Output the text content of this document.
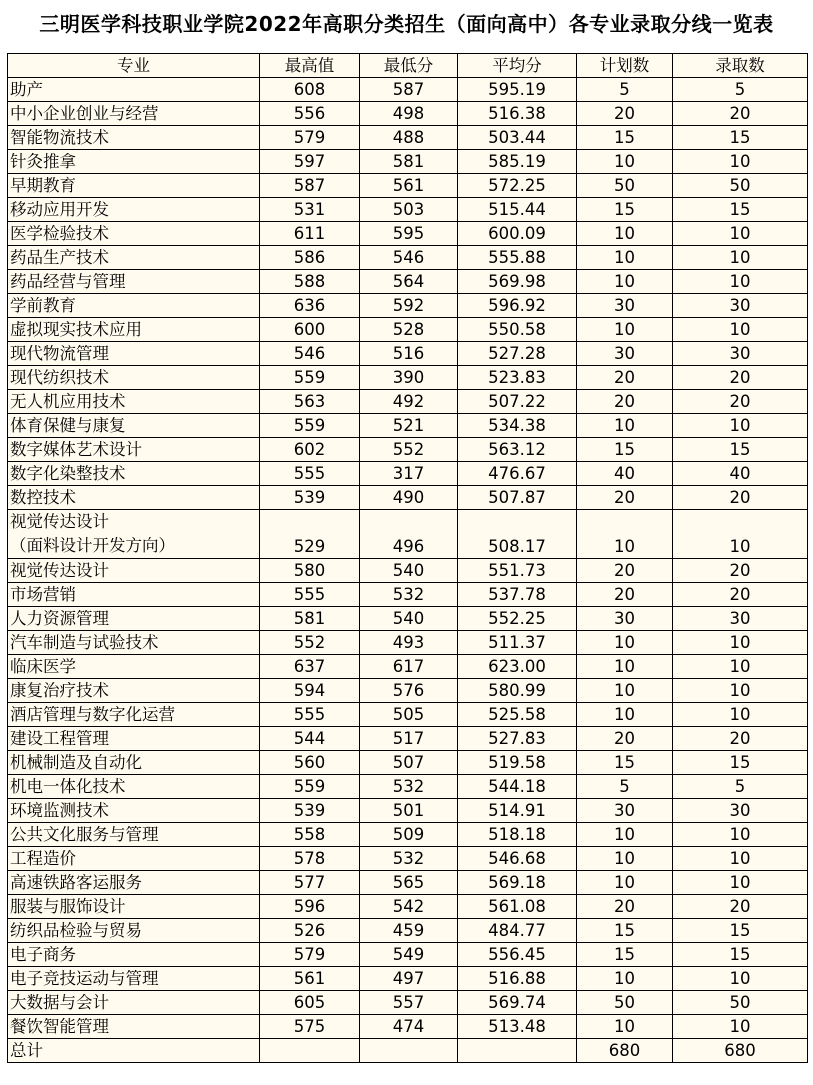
三明医学科技职业学院2022年高职分类招生（面向高中）各专业录取分线一览表
专业	最高值	最低分	平均分	计划数	录取数
助产	608	587	595.19	5	5
中小企业创业与经营	556	498	516.38	20	20
智能物流技术	579	488	503.44	15	15
针灸推拿	597	581	585.19	10	10
早期教育	587	561	572.25	50	50
移动应用开发	531	503	515.44	15	15
医学检验技术	611	595	600.09	10	10
药品生产技术	586	546	555.88	10	10
药品经营与管理	588	564	569.98	10	10
学前教育	636	592	596.92	30	30
虚拟现实技术应用	600	528	550.58	10	10
现代物流管理	546	516	527.28	30	30
现代纺织技术	559	390	523.83	20	20
无人机应用技术	563	492	507.22	20	20
体育保健与康复	559	521	534.38	10	10
数字媒体艺术设计	602	552	563.12	15	15
数字化染整技术	555	317	476.67	40	40
数控技术	539	490	507.87	20	20

视觉传达设计
（面料设计开发方向）	529	496	508.17	10	10
视觉传达设计	580	540	551.73	20	20
市场营销	555	532	537.78	20	20
人力资源管理	581	540	552.25	30	30
汽车制造与试验技术	552	493	511.37	10	10
临床医学	637	617	623.00	10	10
康复治疗技术	594	576	580.99	10	10
酒店管理与数字化运营	555	505	525.58	10	10
建设工程管理	544	517	527.83	20	20
机械制造及自动化	560	507	519.58	15	15
机电一体化技术	559	532	544.18	5	5
环境监测技术	539	501	514.91	30	30
公共文化服务与管理	558	509	518.18	10	10
工程造价	578	532	546.68	10	10
高速铁路客运服务	577	565	569.18	10	10
服装与服饰设计	596	542	561.08	20	20
纺织品检验与贸易	526	459	484.77	15	15
电子商务	579	549	556.45	15	15
电子竞技运动与管理	561	497	516.88	10	10
大数据与会计	605	557	569.74	50	50
餐饮智能管理	575	474	513.48	10	10
总计				680	680
